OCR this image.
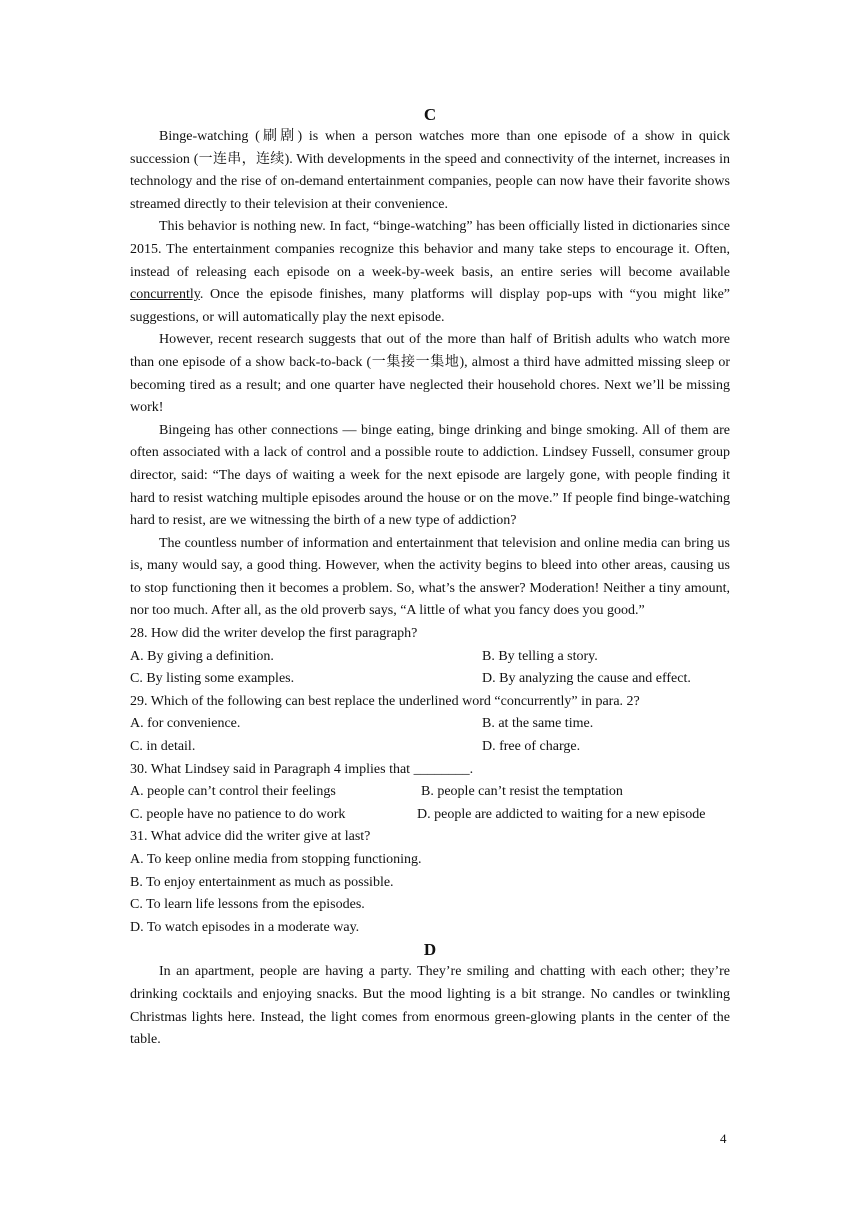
C

Binge-watching (刷剧) is when a person watches more than one episode of a show in quick succession (一连串，连续). With developments in the speed and connectivity of the internet, increases in technology and the rise of on-demand entertainment companies, people can now have their favorite shows streamed directly to their television at their convenience.

This behavior is nothing new. In fact, “binge-watching” has been officially listed in dictionaries since 2015. The entertainment companies recognize this behavior and many take steps to encourage it. Often, instead of releasing each episode on a week-by-week basis, an entire series will become available concurrently. Once the episode finishes, many platforms will display pop-ups with “you might like” suggestions, or will automatically play the next episode.

However, recent research suggests that out of the more than half of British adults who watch more than one episode of a show back-to-back (一集接一集地), almost a third have admitted missing sleep or becoming tired as a result; and one quarter have neglected their household chores. Next we’ll be missing work!

Bingeing has other connections — binge eating, binge drinking and binge smoking. All of them are often associated with a lack of control and a possible route to addiction. Lindsey Fussell, consumer group director, said: “The days of waiting a week for the next episode are largely gone, with people finding it hard to resist watching multiple episodes around the house or on the move.” If people find binge-watching hard to resist, are we witnessing the birth of a new type of addiction?

The countless number of information and entertainment that television and online media can bring us is, many would say, a good thing. However, when the activity begins to bleed into other areas, causing us to stop functioning then it becomes a problem. So, what’s the answer? Moderation! Neither a tiny amount, nor too much. After all, as the old proverb says, “A little of what you fancy does you good.”

28. How did the writer develop the first paragraph?

A. By giving a definition.	B. By telling a story.
C. By listing some examples.	D. By analyzing the cause and effect.

29. Which of the following can best replace the underlined word “concurrently” in para. 2?

A. for convenience.	B. at the same time.
C. in detail.	D. free of charge.

30. What Lindsey said in Paragraph 4 implies that ________.

A. people can’t control their feelings	B. people can’t resist the temptation
C. people have no patience to do work	D. people are addicted to waiting for a new episode

31. What advice did the writer give at last?

A. To keep online media from stopping functioning.

B. To enjoy entertainment as much as possible.

C. To learn life lessons from the episodes.

D. To watch episodes in a moderate way.

D

In an apartment, people are having a party. They’re smiling and chatting with each other; they’re drinking cocktails and enjoying snacks. But the mood lighting is a bit strange. No candles or twinkling Christmas lights here. Instead, the light comes from enormous green-glowing plants in the center of the table.

4
